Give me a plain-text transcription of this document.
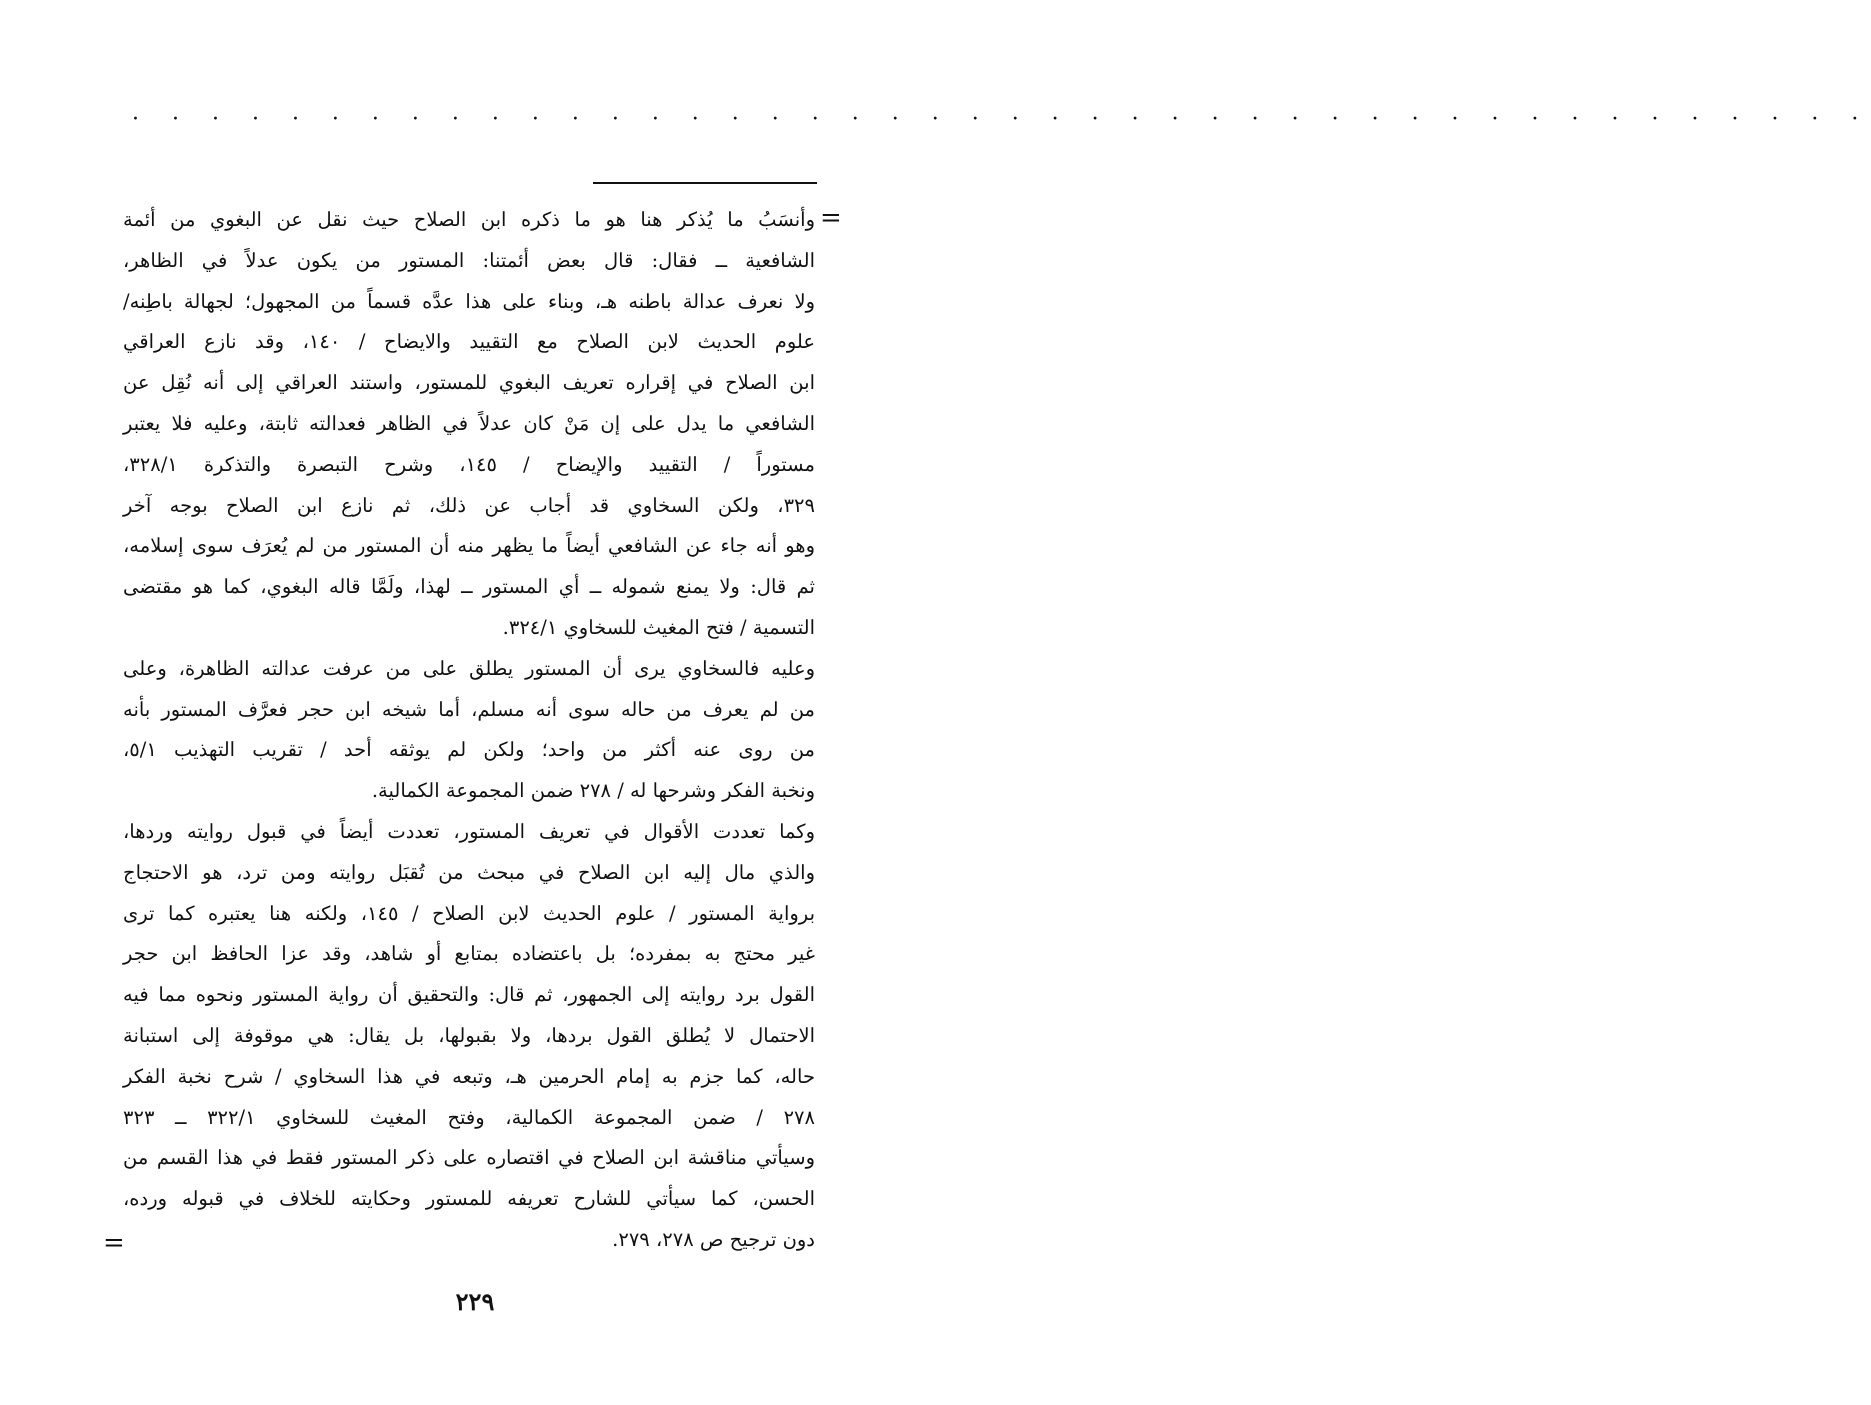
· · · · · · · · · · · · · · · · · · · · · · · · · · · · · · · · · · · · · · · · · · · ·
=
وأنسَبُ ما يُذكر هنا هو ما ذكره ابن الصلاح حيث نقل عن البغوي من أئمة
الشافعية ــ فقال: قال بعض أئمتنا: المستور من يكون عدلاً في الظاهر،
ولا نعرف عدالة باطنه هـ، وبناء على هذا عدَّه قسماً من المجهول؛ لجهالة باطِنه/
علوم الحديث لابن الصلاح مع التقييد والايضاح / ١٤٠، وقد نازع العراقي
ابن الصلاح في إقراره تعريف البغوي للمستور، واستند العراقي إلى أنه نُقِل عن
الشافعي ما يدل على إن مَنْ كان عدلاً في الظاهر فعدالته ثابتة، وعليه فلا يعتبر
مستوراً / التقييد والإيضاح / ١٤٥، وشرح التبصرة والتذكرة ٣٢٨/١،
٣٢٩، ولكن السخاوي قد أجاب عن ذلك، ثم نازع ابن الصلاح بوجه آخر
وهو أنه جاء عن الشافعي أيضاً ما يظهر منه أن المستور من لم يُعرَف سوى إسلامه،
ثم قال: ولا يمنع شموله ــ أي المستور ــ لهذا، ولَمَّا قاله البغوي، كما هو مقتضى
التسمية / فتح المغيث للسخاوي ٣٢٤/١.
وعليه فالسخاوي يرى أن المستور يطلق على من عرفت عدالته الظاهرة، وعلى
من لم يعرف من حاله سوى أنه مسلم، أما شيخه ابن حجر فعرَّف المستور بأنه
من روى عنه أكثر من واحد؛ ولكن لم يوثقه أحد / تقريب التهذيب ٥/١،
ونخبة الفكر وشرحها له / ٢٧٨ ضمن المجموعة الكمالية.
وكما تعددت الأقوال في تعريف المستور، تعددت أيضاً في قبول روايته وردها،
والذي مال إليه ابن الصلاح في مبحث من تُقبَل روايته ومن ترد، هو الاحتجاج
برواية المستور / علوم الحديث لابن الصلاح / ١٤٥، ولكنه هنا يعتبره كما ترى
غير محتج به بمفرده؛ بل باعتضاده بمتابع أو شاهد، وقد عزا الحافظ ابن حجر
القول برد روايته إلى الجمهور، ثم قال: والتحقيق أن رواية المستور ونحوه مما فيه
الاحتمال لا يُطلق القول بردها، ولا بقبولها، بل يقال: هي موقوفة إلى استبانة
حاله، كما جزم به إمام الحرمين هـ، وتبعه في هذا السخاوي / شرح نخبة الفكر
٢٧٨ / ضمن المجموعة الكمالية، وفتح المغيث للسخاوي ٣٢٢/١ ــ ٣٢٣
وسيأتي مناقشة ابن الصلاح في اقتصاره على ذكر المستور فقط في هذا القسم من
الحسن، كما سيأتي للشارح تعريفه للمستور وحكايته للخلاف في قبوله ورده،
دون ترجيح ص ٢٧٨، ٢٧٩.
=
٢٢٩
